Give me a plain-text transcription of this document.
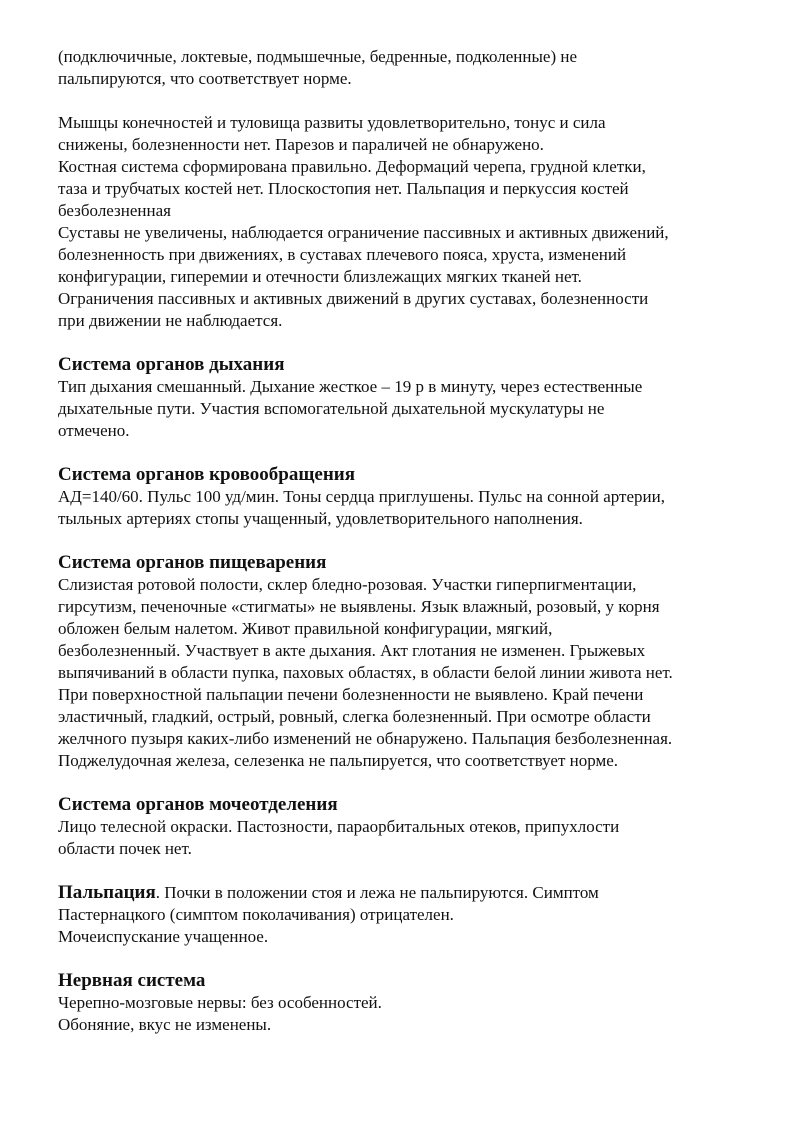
(подключичные, локтевые, подмышечные, бедренные, подколенные) не
пальпируются, что соответствует норме.
Мышцы конечностей и туловища развиты удовлетворительно, тонус и сила
снижены, болезненности нет. Парезов и параличей не обнаружено.
Костная система сформирована правильно. Деформаций черепа, грудной клетки,
таза и трубчатых костей нет. Плоскостопия нет. Пальпация и перкуссия костей
безболезненная
Суставы не увеличены, наблюдается ограничение пассивных и активных движений,
болезненность при движениях, в суставах плечевого пояса, хруста, изменений
конфигурации, гиперемии и отечности близлежащих мягких тканей нет.
Ограничения пассивных и активных движений в других суставах, болезненности
при движении не наблюдается.
Система органов дыхания
Тип дыхания смешанный. Дыхание жесткое – 19 р в минуту, через естественные
дыхательные пути. Участия вспомогательной дыхательной мускулатуры не
отмечено.
Система органов кровообращения
АД=140/60. Пульс 100 уд/мин. Тоны сердца приглушены. Пульс на сонной артерии,
тыльных артериях стопы учащенный, удовлетворительного наполнения.
Система органов пищеварения
Слизистая ротовой полости, склер бледно-розовая. Участки гиперпигментации,
гирсутизм, печеночные «стигматы» не выявлены. Язык влажный, розовый, у корня
обложен белым налетом. Живот правильной конфигурации, мягкий,
безболезненный. Участвует в акте дыхания. Акт глотания не изменен. Грыжевых
выпячиваний в области пупка, паховых областях, в области белой линии живота нет.
При поверхностной пальпации печени болезненности не выявлено. Край печени
эластичный, гладкий, острый, ровный, слегка болезненный. При осмотре области
желчного пузыря каких-либо изменений не обнаружено. Пальпация безболезненная.
Поджелудочная железа, селезенка не пальпируется, что соответствует норме.
Система органов мочеотделения
Лицо телесной окраски. Пастозности, параорбитальных отеков, припухлости
области почек нет.
Пальпация. Почки в положении стоя и лежа не пальпируются. Симптом
Пастернацкого (симптом поколачивания) отрицателен.
Мочеиспускание учащенное.
Нервная система
Черепно-мозговые нервы: без особенностей.
Обоняние, вкус не изменены.
